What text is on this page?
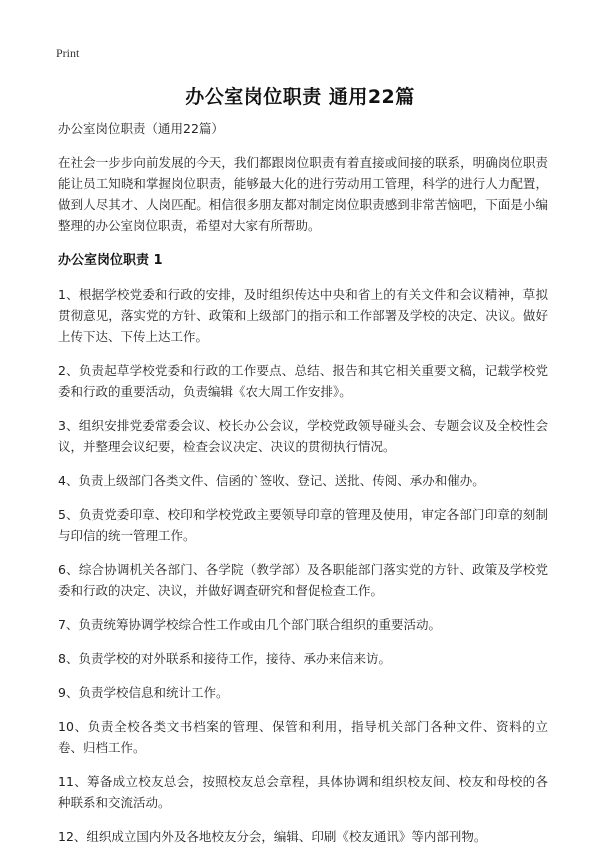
Print
办公室岗位职责 通用22篇

办公室岗位职责（通用22篇）

在社会一步步向前发展的今天，我们都跟岗位职责有着直接或间接的联系，明确岗位职责能让员工知晓和掌握岗位职责，能够最大化的进行劳动用工管理，科学的进行人力配置，做到人尽其才、人岗匹配。相信很多朋友都对制定岗位职责感到非常苦恼吧，下面是小编整理的办公室岗位职责，希望对大家有所帮助。

办公室岗位职责 1

1、根据学校党委和行政的安排，及时组织传达中央和省上的有关文件和会议精神，草拟贯彻意见，落实党的方针、政策和上级部门的指示和工作部署及学校的决定、决议。做好上传下达、下传上达工作。

2、负责起草学校党委和行政的工作要点、总结、报告和其它相关重要文稿，记载学校党委和行政的重要活动，负责编辑《农大周工作安排》。

3、组织安排党委常委会议、校长办公会议，学校党政领导碰头会、专题会议及全校性会议，并整理会议纪要，检查会议决定、决议的贯彻执行情况。

4、负责上级部门各类文件、信函的`签收、登记、送批、传阅、承办和催办。

5、负责党委印章、校印和学校党政主要领导印章的管理及使用，审定各部门印章的刻制与印信的统一管理工作。

6、综合协调机关各部门、各学院（教学部）及各职能部门落实党的方针、政策及学校党委和行政的决定、决议，并做好调查研究和督促检查工作。

7、负责统筹协调学校综合性工作或由几个部门联合组织的重要活动。

8、负责学校的对外联系和接待工作，接待、承办来信来访。

9、负责学校信息和统计工作。

10、负责全校各类文书档案的管理、保管和利用，指导机关部门各种文件、资料的立卷、归档工作。

11、筹备成立校友总会，按照校友总会章程，具体协调和组织校友间、校友和母校的各种联系和交流活动。

12、组织成立国内外及各地校友分会，编辑、印刷《校友通讯》等内部刊物。
